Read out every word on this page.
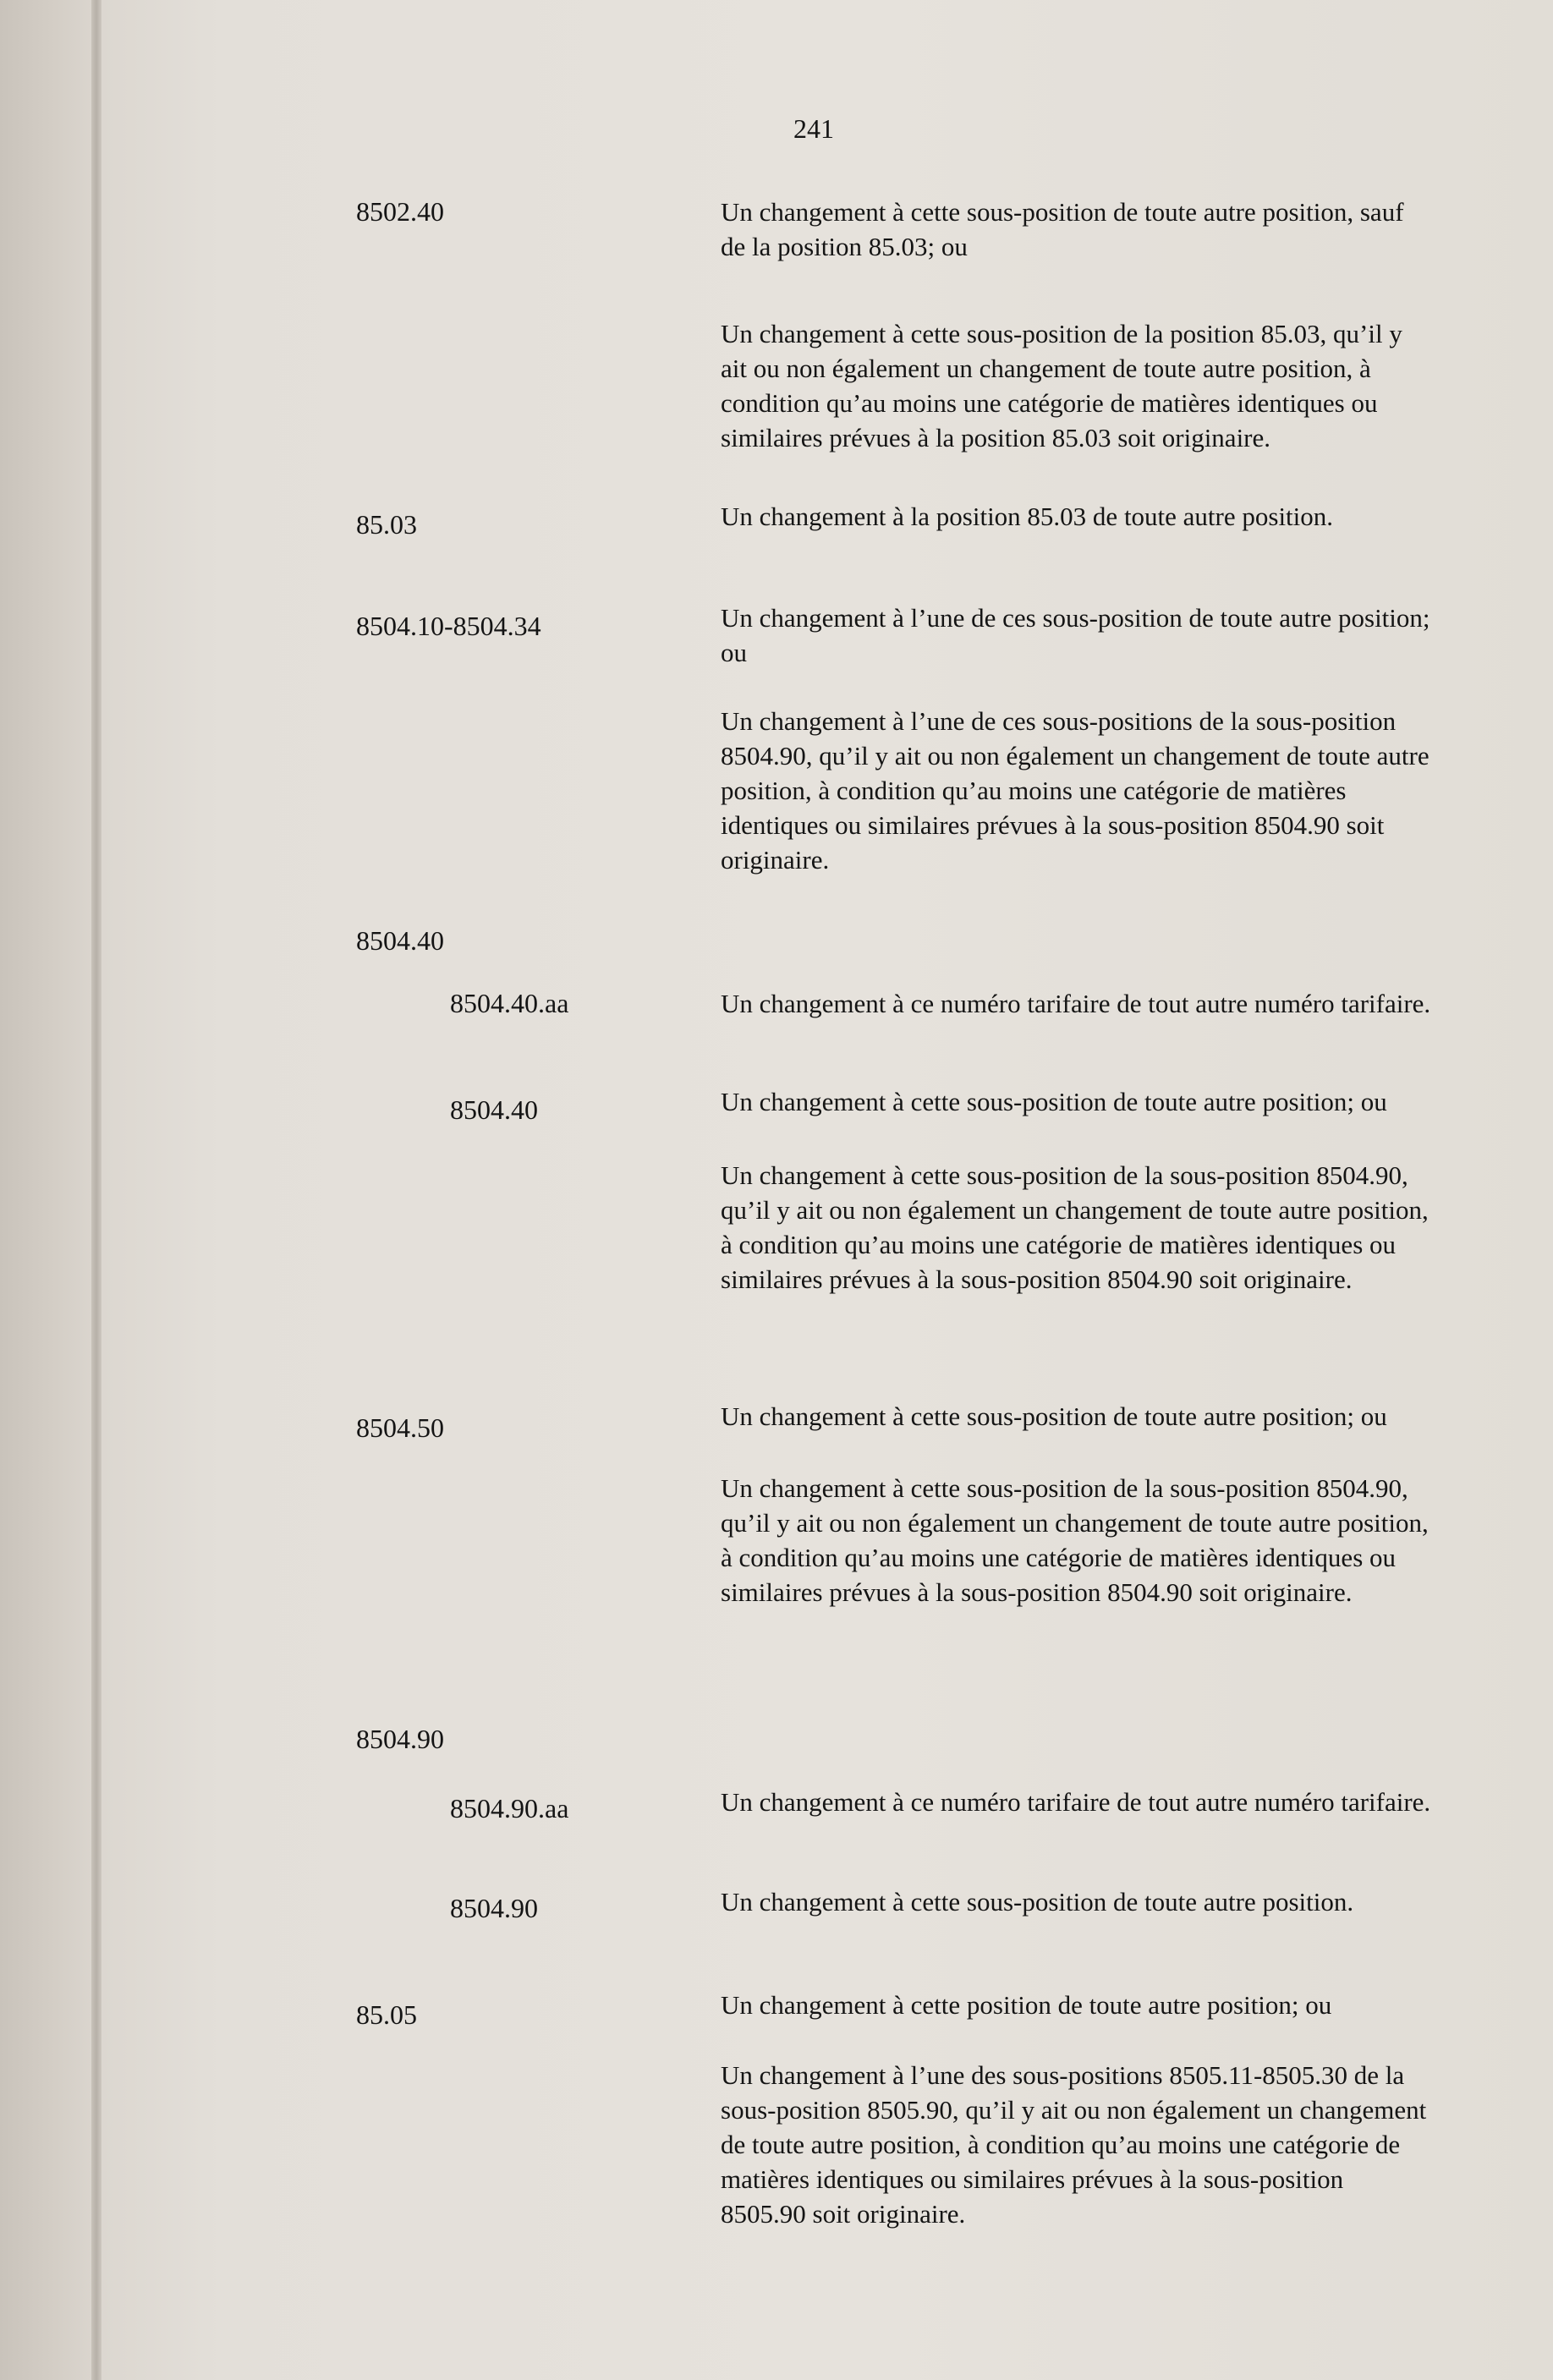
241
8502.40	Un changement à cette sous-position de toute autre position, sauf de la position 85.03; ou

Un changement à cette sous-position de la position 85.03, qu’il y ait ou non également un changement de toute autre position, à condition qu’au moins une catégorie de matières identiques ou similaires prévues à la position 85.03 soit originaire.

85.03	Un changement à la position 85.03 de toute autre position.

8504.10-8504.34	Un changement à l’une de ces sous-position de toute autre position; ou

Un changement à l’une de ces sous-positions de la sous-position 8504.90, qu’il y ait ou non également un changement de toute autre position, à condition qu’au moins une catégorie de matières identiques ou similaires prévues à la sous-position 8504.90 soit originaire.

8504.40
8504.40.aa	Un changement à ce numéro tarifaire de tout autre numéro tarifaire.

8504.40	Un changement à cette sous-position de toute autre position; ou

Un changement à cette sous-position de la sous-position 8504.90, qu’il y ait ou non également un changement de toute autre position, à condition qu’au moins une catégorie de matières identiques ou similaires prévues à la sous-position 8504.90 soit originaire.

8504.50	Un changement à cette sous-position de toute autre position; ou

Un changement à cette sous-position de la sous-position 8504.90, qu’il y ait ou non également un changement de toute autre position, à condition qu’au moins une catégorie de matières identiques ou similaires prévues à la sous-position 8504.90 soit originaire.

8504.90
8504.90.aa	Un changement à ce numéro tarifaire de tout autre numéro tarifaire.

8504.90	Un changement à cette sous-position de toute autre position.

85.05	Un changement à cette position de toute autre position; ou

Un changement à l’une des sous-positions 8505.11-8505.30 de la sous-position 8505.90, qu’il y ait ou non également un changement de toute autre position, à condition qu’au moins une catégorie de matières identiques ou similaires prévues à la sous-position 8505.90 soit originaire.
